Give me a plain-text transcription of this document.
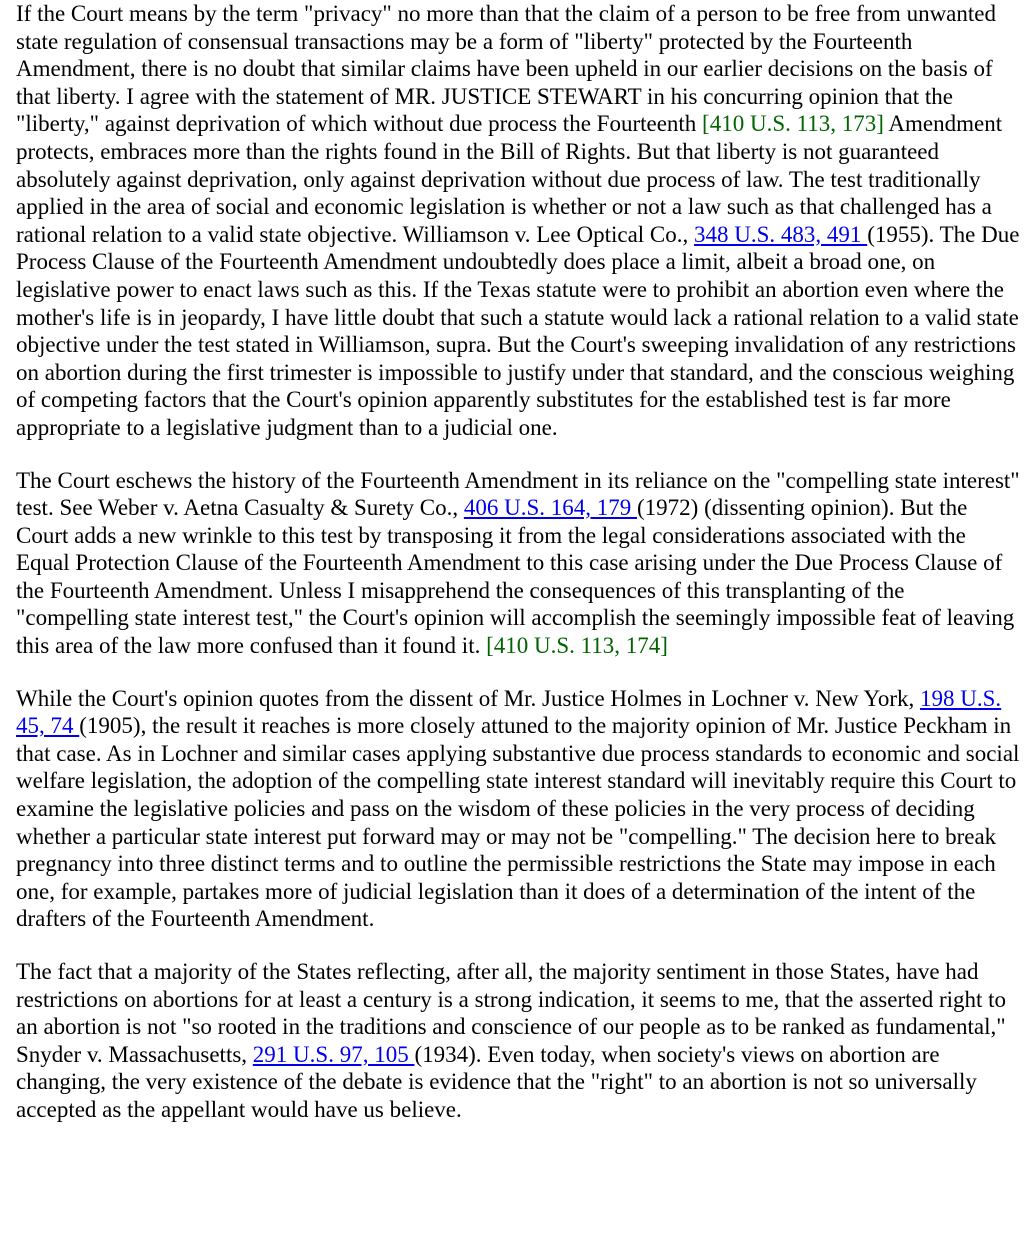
If the Court means by the term "privacy" no more than that the claim of a person to be free from unwanted state regulation of consensual transactions may be a form of "liberty" protected by the Fourteenth Amendment, there is no doubt that similar claims have been upheld in our earlier decisions on the basis of that liberty. I agree with the statement of MR. JUSTICE STEWART in his concurring opinion that the "liberty," against deprivation of which without due process the Fourteenth [410 U.S. 113, 173] Amendment protects, embraces more than the rights found in the Bill of Rights. But that liberty is not guaranteed absolutely against deprivation, only against deprivation without due process of law. The test traditionally applied in the area of social and economic legislation is whether or not a law such as that challenged has a rational relation to a valid state objective. Williamson v. Lee Optical Co., 348 U.S. 483, 491 (1955). The Due Process Clause of the Fourteenth Amendment undoubtedly does place a limit, albeit a broad one, on legislative power to enact laws such as this. If the Texas statute were to prohibit an abortion even where the mother's life is in jeopardy, I have little doubt that such a statute would lack a rational relation to a valid state objective under the test stated in Williamson, supra. But the Court's sweeping invalidation of any restrictions on abortion during the first trimester is impossible to justify under that standard, and the conscious weighing of competing factors that the Court's opinion apparently substitutes for the established test is far more appropriate to a legislative judgment than to a judicial one.

The Court eschews the history of the Fourteenth Amendment in its reliance on the "compelling state interest" test. See Weber v. Aetna Casualty & Surety Co., 406 U.S. 164, 179 (1972) (dissenting opinion). But the Court adds a new wrinkle to this test by transposing it from the legal considerations associated with the Equal Protection Clause of the Fourteenth Amendment to this case arising under the Due Process Clause of the Fourteenth Amendment. Unless I misapprehend the consequences of this transplanting of the "compelling state interest test," the Court's opinion will accomplish the seemingly impossible feat of leaving this area of the law more confused than it found it. [410 U.S. 113, 174]

While the Court's opinion quotes from the dissent of Mr. Justice Holmes in Lochner v. New York, 198 U.S. 45, 74 (1905), the result it reaches is more closely attuned to the majority opinion of Mr. Justice Peckham in that case. As in Lochner and similar cases applying substantive due process standards to economic and social welfare legislation, the adoption of the compelling state interest standard will inevitably require this Court to examine the legislative policies and pass on the wisdom of these policies in the very process of deciding whether a particular state interest put forward may or may not be "compelling." The decision here to break pregnancy into three distinct terms and to outline the permissible restrictions the State may impose in each one, for example, partakes more of judicial legislation than it does of a determination of the intent of the drafters of the Fourteenth Amendment.

The fact that a majority of the States reflecting, after all, the majority sentiment in those States, have had restrictions on abortions for at least a century is a strong indication, it seems to me, that the asserted right to an abortion is not "so rooted in the traditions and conscience of our people as to be ranked as fundamental," Snyder v. Massachusetts, 291 U.S. 97, 105 (1934). Even today, when society's views on abortion are changing, the very existence of the debate is evidence that the "right" to an abortion is not so universally accepted as the appellant would have us believe.
